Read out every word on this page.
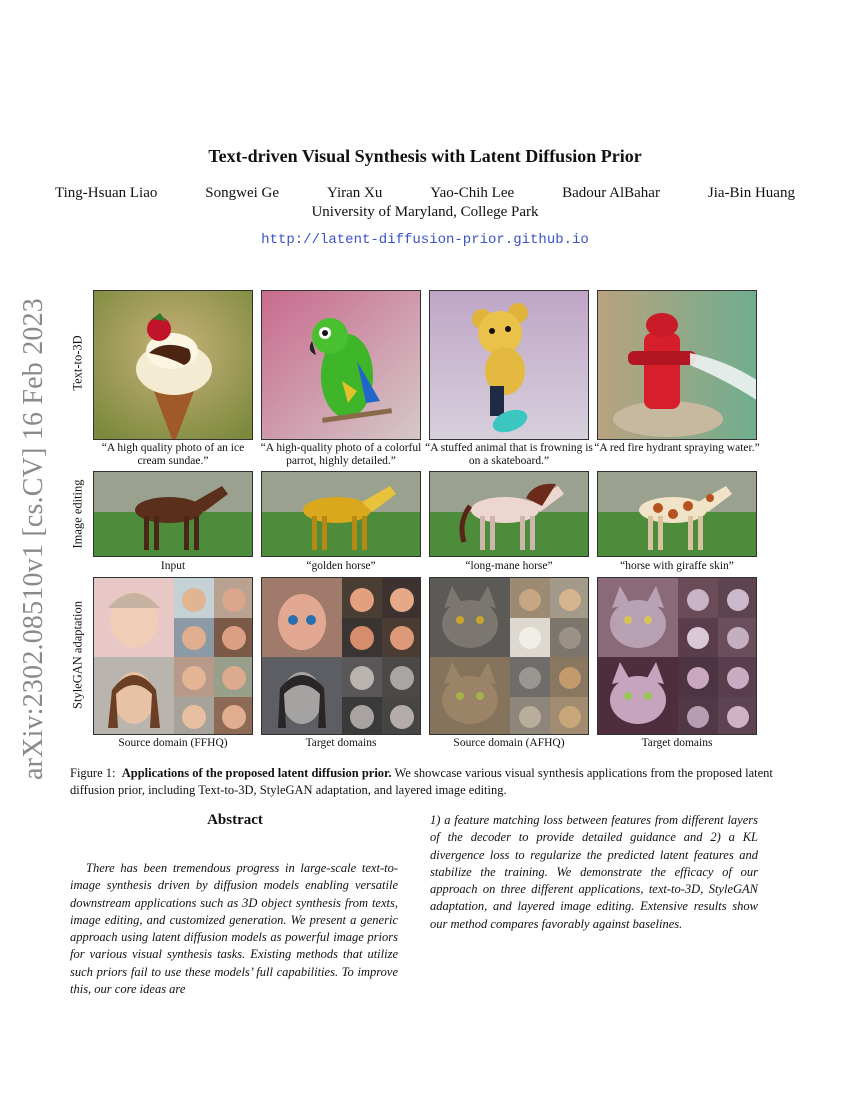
arXiv:2302.08510v1 [cs.CV] 16 Feb 2023
Text-driven Visual Synthesis with Latent Diffusion Prior
Ting-Hsuan Liao	Songwei Ge	Yiran Xu	Yao-Chih Lee	Badour AlBahar	Jia-Bin Huang
University of Maryland, College Park
http://latent-diffusion-prior.github.io
Text-to-3D
Image editing
StyleGAN adaptation
“A high quality photo of an ice cream sundae.”
“A high-quality photo of a colorful parrot, highly detailed.”
“A stuffed animal that is frowning is on a skateboard.”
“A red fire hydrant spraying water.”
Input	“golden horse”	“long-mane horse”	“horse with giraffe skin”
Source domain (FFHQ)	Target domains	Source domain (AFHQ)	Target domains
Figure 1: Applications of the proposed latent diffusion prior. We showcase various visual synthesis applications from the proposed latent diffusion prior, including Text-to-3D, StyleGAN adaptation, and layered image editing.
Abstract
There has been tremendous progress in large-scale text-to-image synthesis driven by diffusion models enabling versatile downstream applications such as 3D object synthesis from texts, image editing, and customized generation. We present a generic approach using latent diffusion models as powerful image priors for various visual synthesis tasks. Existing methods that utilize such priors fail to use these models’ full capabilities. To improve this, our core ideas are
1) a feature matching loss between features from different layers of the decoder to provide detailed guidance and 2) a KL divergence loss to regularize the predicted latent features and stabilize the training. We demonstrate the efficacy of our approach on three different applications, text-to-3D, StyleGAN adaptation, and layered image editing. Extensive results show our method compares favorably against baselines.
